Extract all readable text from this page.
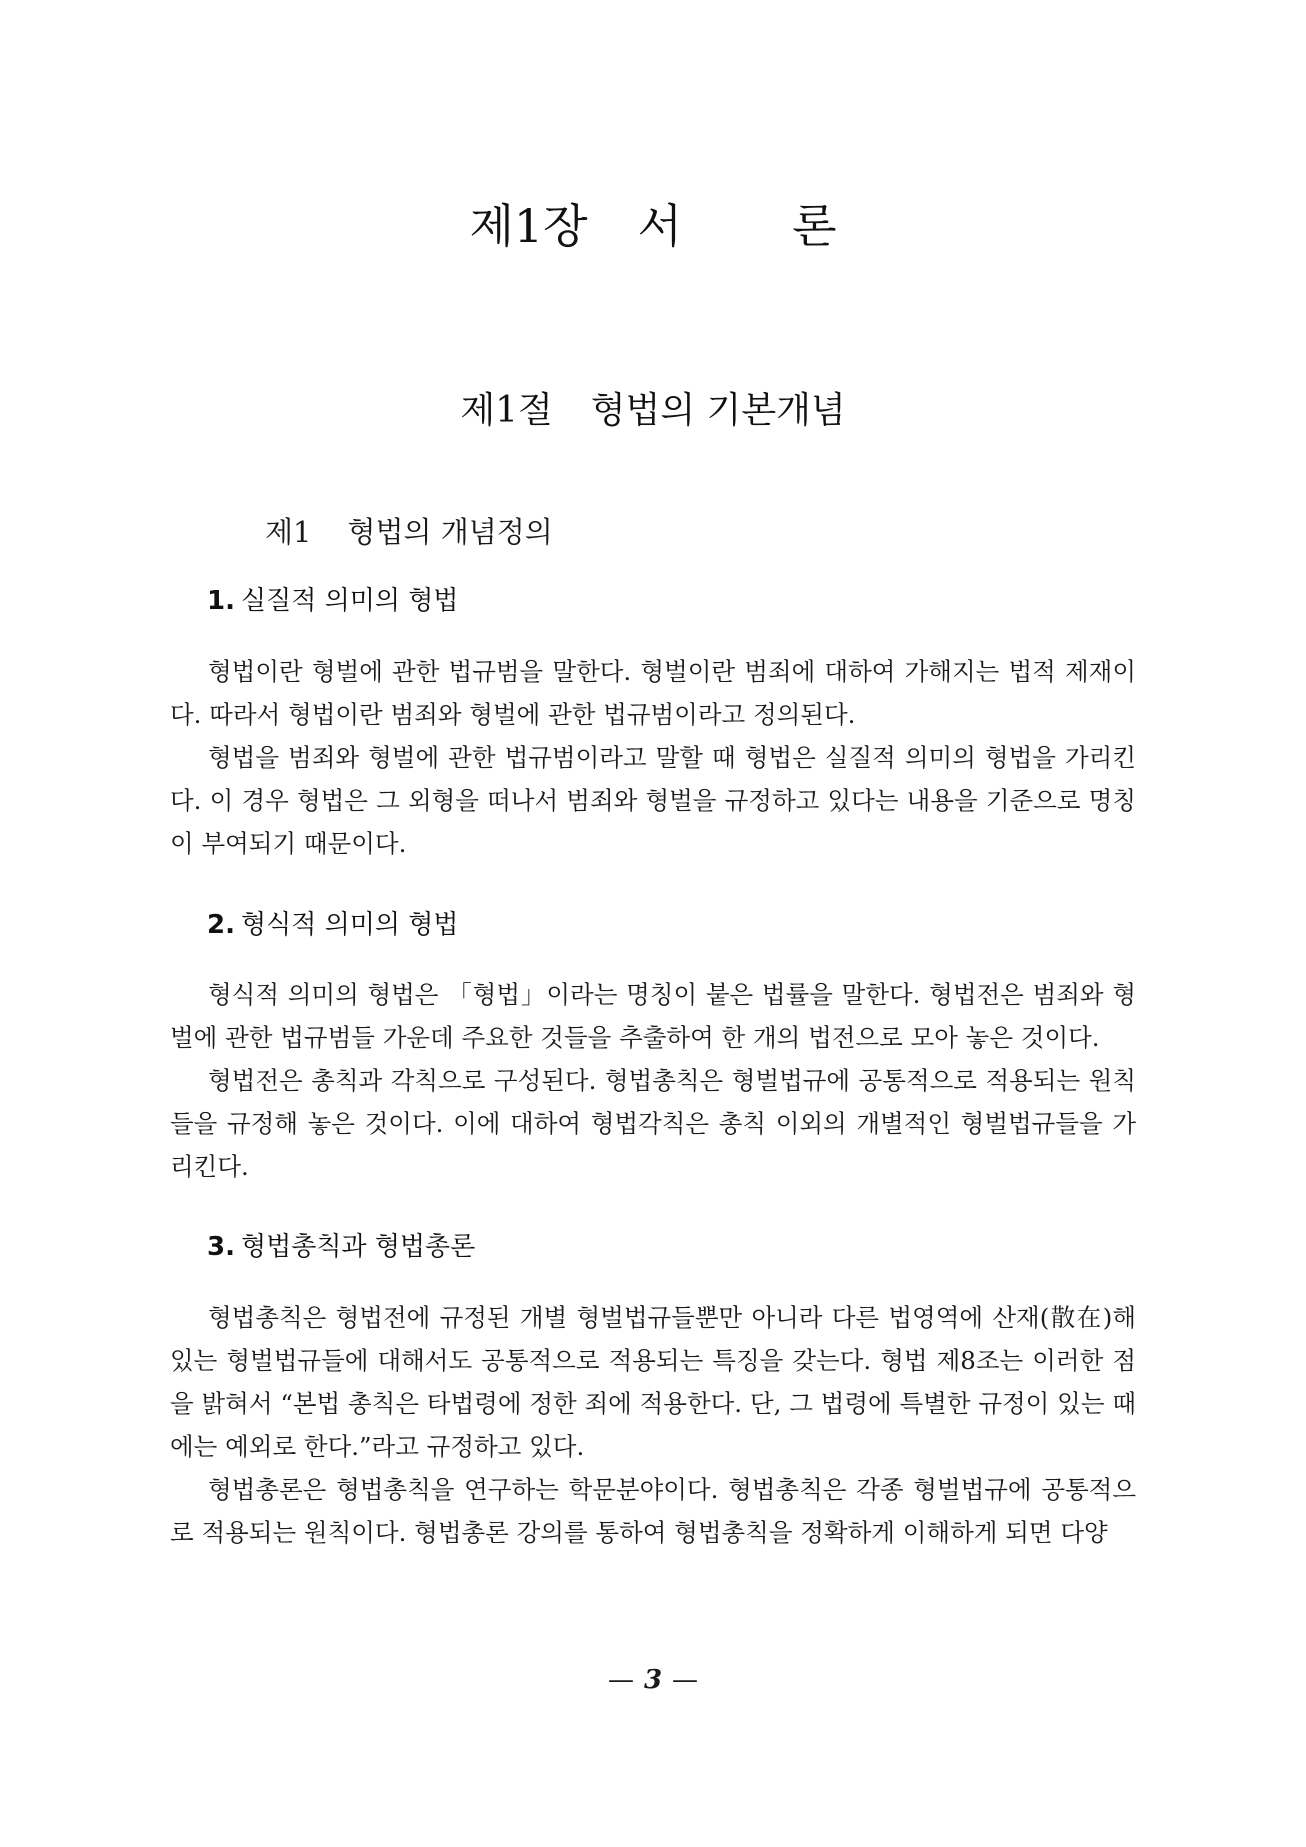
제1장 서 론
제1절 형법의 기본개념
제1 형법의 개념정의
1. 실질적 의미의 형법

형법이란 형벌에 관한 법규범을 말한다. 형벌이란 범죄에 대하여 가해지는 법적 제재이다. 따라서 형법이란 범죄와 형벌에 관한 법규범이라고 정의된다.

형법을 범죄와 형벌에 관한 법규범이라고 말할 때 형법은 실질적 의미의 형법을 가리킨다. 이 경우 형법은 그 외형을 떠나서 범죄와 형벌을 규정하고 있다는 내용을 기준으로 명칭이 부여되기 때문이다.

2. 형식적 의미의 형법

형식적 의미의 형법은 「형법」이라는 명칭이 붙은 법률을 말한다. 형법전은 범죄와 형벌에 관한 법규범들 가운데 주요한 것들을 추출하여 한 개의 법전으로 모아 놓은 것이다.

형법전은 총칙과 각칙으로 구성된다. 형법총칙은 형벌법규에 공통적으로 적용되는 원칙들을 규정해 놓은 것이다. 이에 대하여 형법각칙은 총칙 이외의 개별적인 형벌법규들을 가리킨다.

3. 형법총칙과 형법총론

형법총칙은 형법전에 규정된 개별 형벌법규들뿐만 아니라 다른 법영역에 산재(散在)해 있는 형벌법규들에 대해서도 공통적으로 적용되는 특징을 갖는다. 형법 제8조는 이러한 점을 밝혀서 “본법 총칙은 타법령에 정한 죄에 적용한다. 단, 그 법령에 특별한 규정이 있는 때에는 예외로 한다.”라고 규정하고 있다.

형법총론은 형법총칙을 연구하는 학문분야이다. 형법총칙은 각종 형벌법규에 공통적으로 적용되는 원칙이다. 형법총론 강의를 통하여 형법총칙을 정확하게 이해하게 되면 다양

— 3 —
